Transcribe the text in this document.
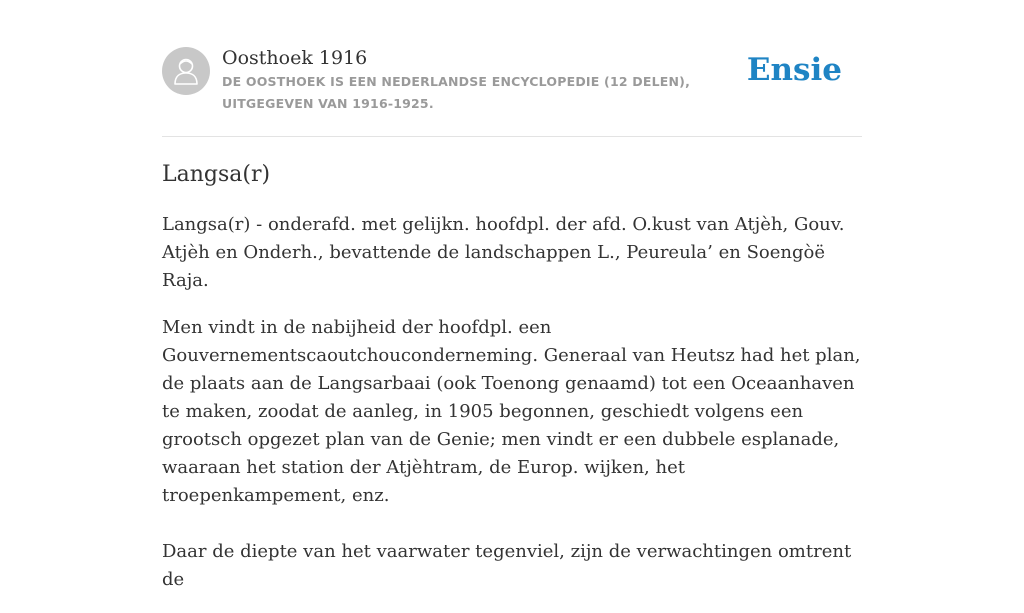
Oosthoek 1916

DE OOSTHOEK IS EEN NEDERLANDSE ENCYCLOPEDIE (12 DELEN), UITGEGEVEN VAN 1916-1925.

Ensie
Langsa(r)

Langsa(r) - onderafd. met gelijkn. hoofdpl. der afd. O.kust van Atjèh, Gouv. Atjèh en Onderh., bevattende de landschappen L., Peureula’ en Soengòë Raja.

Men vindt in de nabijheid der hoofdpl. een Gouvernementscaoutchouconderneming. Generaal van Heutsz had het plan, de plaats aan de Langsarbaai (ook Toenong genaamd) tot een Oceaanhaven te maken, zoodat de aanleg, in 1905 begonnen, geschiedt volgens een grootsch opgezet plan van de Genie; men vindt er een dubbele esplanade, waaraan het station der Atjèhtram, de Europ. wijken, het troepenkampement, enz.

Daar de diepte van het vaarwater tegenviel, zijn de verwachtingen omtrent de
